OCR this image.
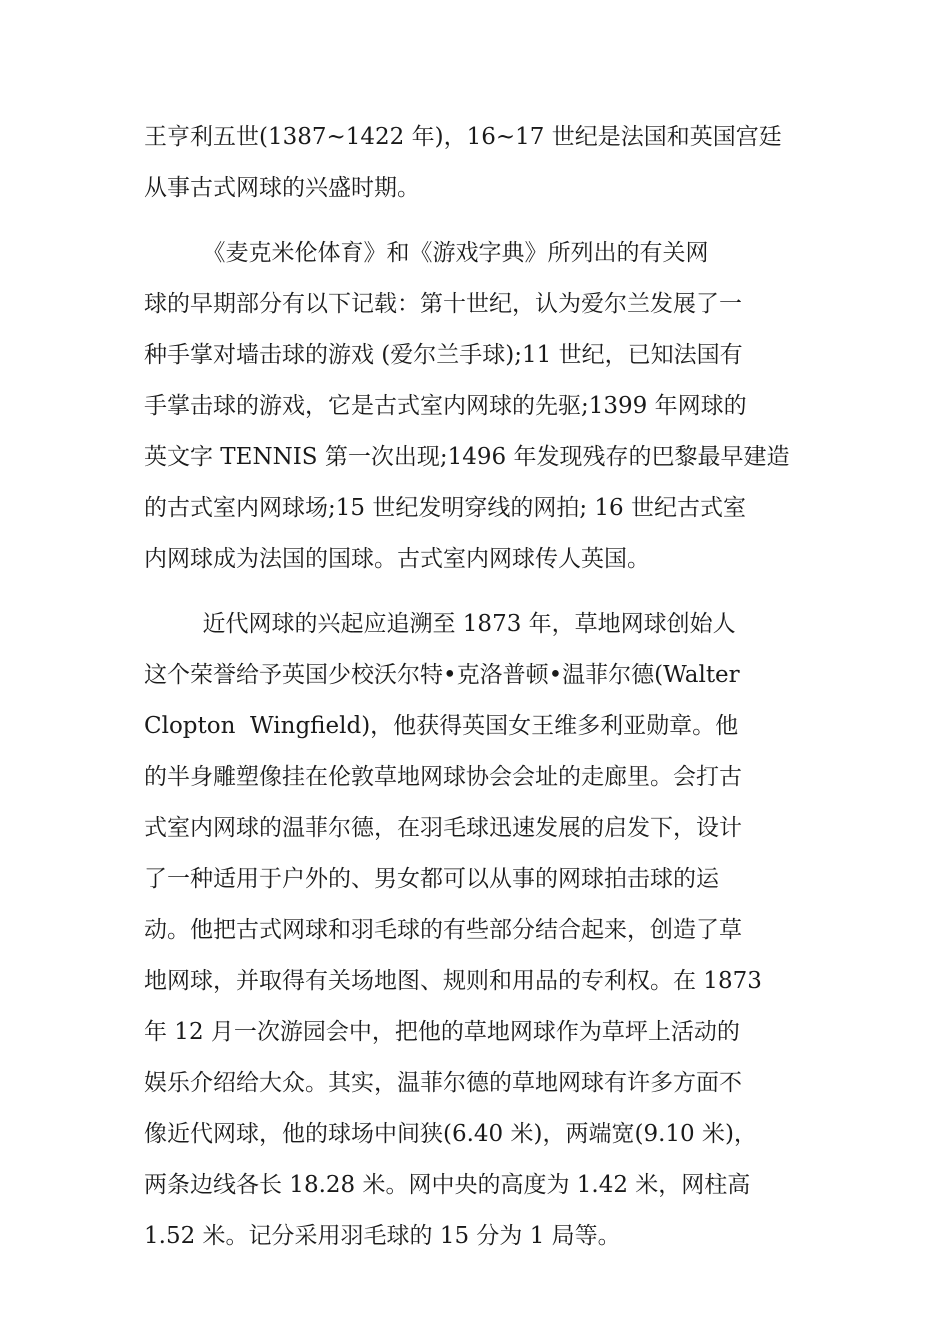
王亨利五世(1387~1422 年)，16~17 世纪是法国和英国宫廷
从事古式网球的兴盛时期。
《麦克米伦体育》和《游戏字典》所列出的有关网
球的早期部分有以下记载：第十世纪，认为爱尔兰发展了一
种手掌对墙击球的游戏 (爱尔兰手球);11 世纪，已知法国有
手掌击球的游戏，它是古式室内网球的先驱;1399 年网球的
英文字 TENNIS 第一次出现;1496 年发现残存的巴黎最早建造
的古式室内网球场;15 世纪发明穿线的网拍; 16 世纪古式室
内网球成为法国的国球。古式室内网球传人英国。
近代网球的兴起应追溯至 1873 年，草地网球创始人
这个荣誉给予英国少校沃尔特•克洛普顿•温菲尔德(Walter
Clopton  Wingfield)，他获得英国女王维多利亚勋章。他
的半身雕塑像挂在伦敦草地网球协会会址的走廊里。会打古
式室内网球的温菲尔德，在羽毛球迅速发展的启发下，设计
了一种适用于户外的、男女都可以从事的网球拍击球的运
动。他把古式网球和羽毛球的有些部分结合起来，创造了草
地网球，并取得有关场地图、规则和用品的专利权。在 1873
年 12 月一次游园会中，把他的草地网球作为草坪上活动的
娱乐介绍给大众。其实，温菲尔德的草地网球有许多方面不
像近代网球，他的球场中间狭(6.40 米)，两端宽(9.10 米)，
两条边线各长 18.28 米。网中央的高度为 1.42 米，网柱高
1.52 米。记分采用羽毛球的 15 分为 1 局等。
